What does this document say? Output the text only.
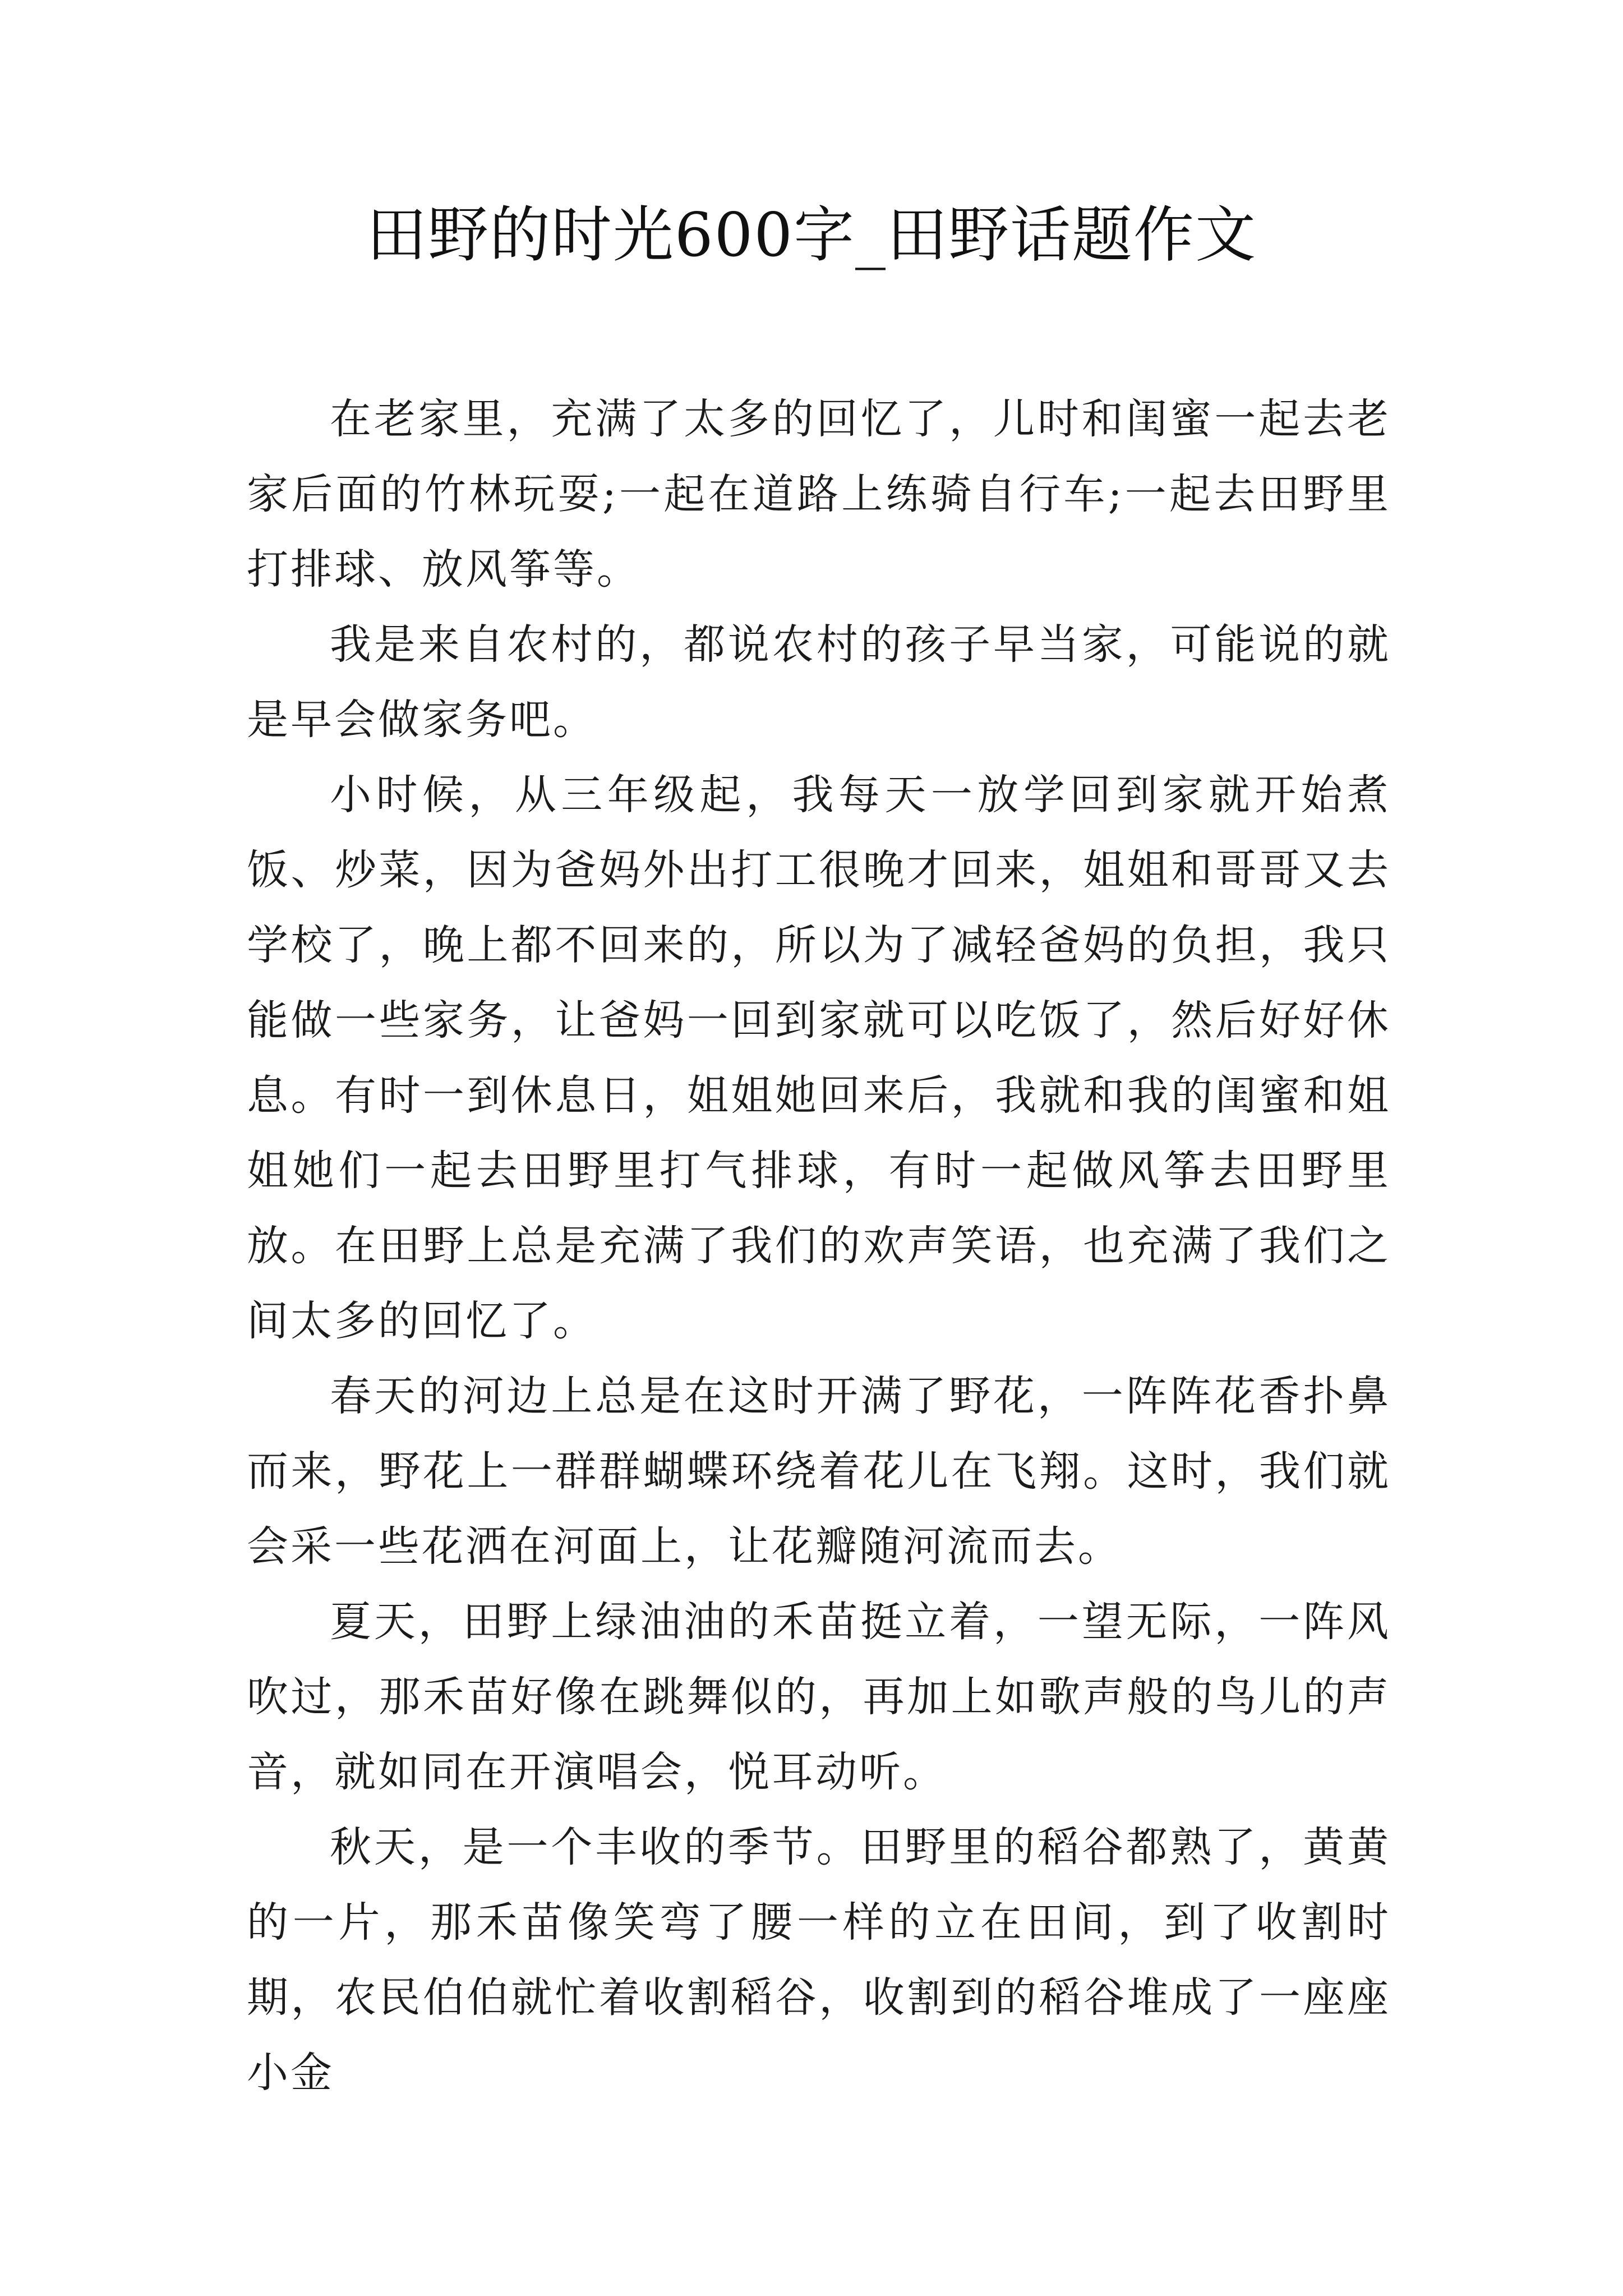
田野的时光600字_田野话题作文

在老家里，充满了太多的回忆了，儿时和闺蜜一起去老家后面的竹林玩耍;一起在道路上练骑自行车;一起去田野里打排球、放风筝等。

我是来自农村的，都说农村的孩子早当家，可能说的就是早会做家务吧。

小时候，从三年级起，我每天一放学回到家就开始煮饭、炒菜，因为爸妈外出打工很晚才回来，姐姐和哥哥又去学校了，晚上都不回来的，所以为了减轻爸妈的负担，我只能做一些家务，让爸妈一回到家就可以吃饭了，然后好好休息。有时一到休息日，姐姐她回来后，我就和我的闺蜜和姐姐她们一起去田野里打气排球，有时一起做风筝去田野里放。在田野上总是充满了我们的欢声笑语，也充满了我们之间太多的回忆了。

春天的河边上总是在这时开满了野花，一阵阵花香扑鼻而来，野花上一群群蝴蝶环绕着花儿在飞翔。这时，我们就会采一些花洒在河面上，让花瓣随河流而去。

夏天，田野上绿油油的禾苗挺立着，一望无际，一阵风吹过，那禾苗好像在跳舞似的，再加上如歌声般的鸟儿的声音，就如同在开演唱会，悦耳动听。

秋天，是一个丰收的季节。田野里的稻谷都熟了，黄黄的一片，那禾苗像笑弯了腰一样的立在田间，到了收割时期，农民伯伯就忙着收割稻谷，收割到的稻谷堆成了一座座小金
